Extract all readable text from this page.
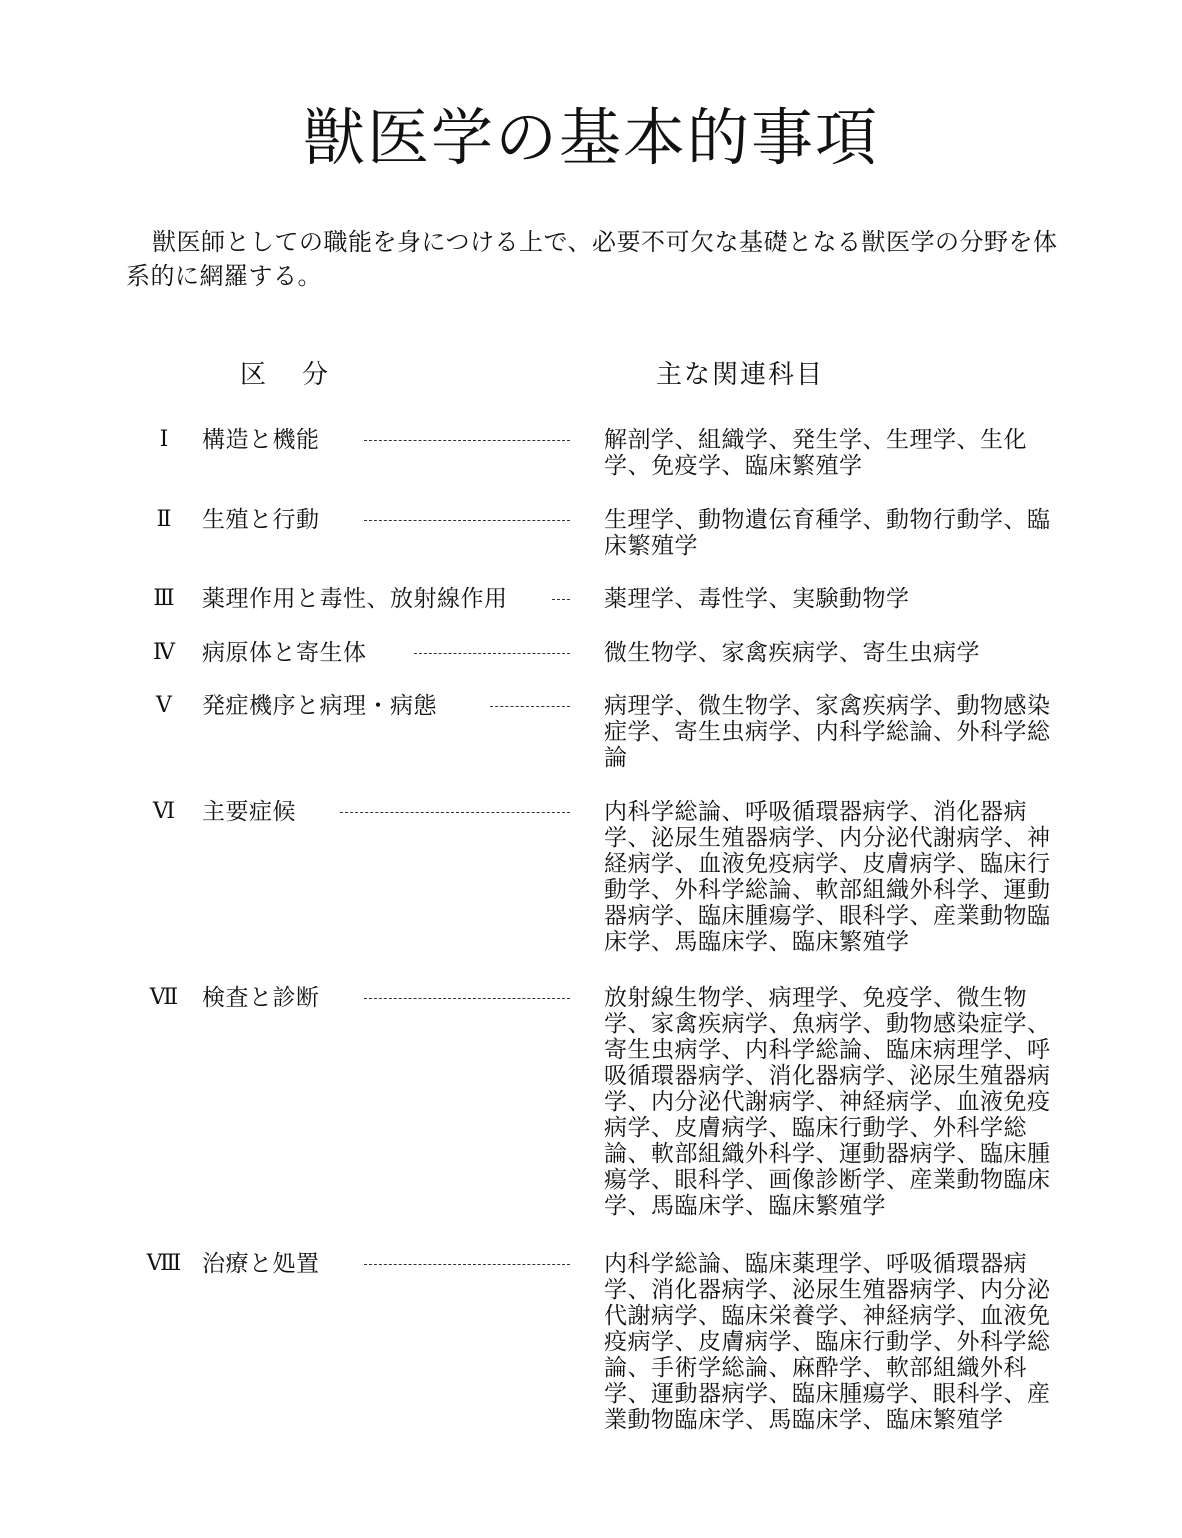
獣医学の基本的事項

獣医師としての職能を身につける上で、必要不可欠な基礎となる獣医学の分野を体系的に網羅する。

区分	主な関連科目
Ⅰ	構造と機能	解剖学、組織学、発生学、生理学、生化学、免疫学、臨床繁殖学
Ⅱ	生殖と行動	生理学、動物遺伝育種学、動物行動学、臨床繁殖学
Ⅲ	薬理作用と毒性、放射線作用	薬理学、毒性学、実験動物学
Ⅳ	病原体と寄生体	微生物学、家禽疾病学、寄生虫病学
Ⅴ	発症機序と病理・病態	病理学、微生物学、家禽疾病学、動物感染症学、寄生虫病学、内科学総論、外科学総論
Ⅵ	主要症候	内科学総論、呼吸循環器病学、消化器病学、泌尿生殖器病学、内分泌代謝病学、神経病学、血液免疫病学、皮膚病学、臨床行動学、外科学総論、軟部組織外科学、運動器病学、臨床腫瘍学、眼科学、産業動物臨床学、馬臨床学、臨床繁殖学
Ⅶ	検査と診断	放射線生物学、病理学、免疫学、微生物学、家禽疾病学、魚病学、動物感染症学、寄生虫病学、内科学総論、臨床病理学、呼吸循環器病学、消化器病学、泌尿生殖器病学、内分泌代謝病学、神経病学、血液免疫病学、皮膚病学、臨床行動学、外科学総論、軟部組織外科学、運動器病学、臨床腫瘍学、眼科学、画像診断学、産業動物臨床学、馬臨床学、臨床繁殖学
Ⅷ 治療と処置	内科学総論、臨床薬理学、呼吸循環器病学、消化器病学、泌尿生殖器病学、内分泌代謝病学、臨床栄養学、神経病学、血液免疫病学、皮膚病学、臨床行動学、外科学総論、手術学総論、麻酔学、軟部組織外科学、運動器病学、臨床腫瘍学、眼科学、産業動物臨床学、馬臨床学、臨床繁殖学
